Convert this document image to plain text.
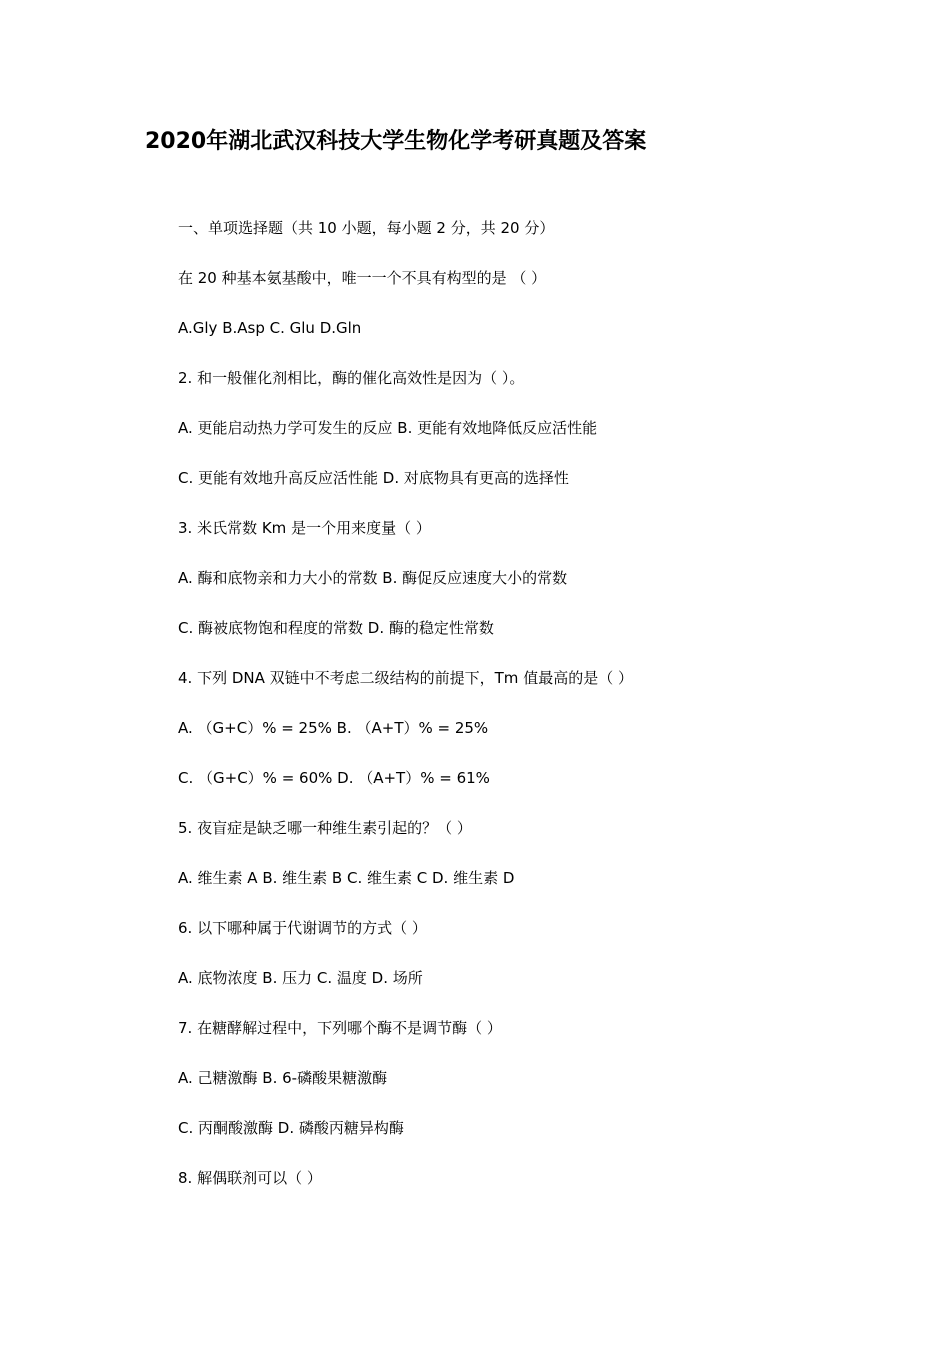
2020年湖北武汉科技大学生物化学考研真题及答案

一、单项选择题（共 10 小题，每小题 2 分，共 20 分）

在 20 种基本氨基酸中，唯一一个不具有构型的是 （ ）

A.Gly B.Asp C. Glu D.Gln

2. 和一般催化剂相比，酶的催化高效性是因为（ ）。

A. 更能启动热力学可发生的反应 B. 更能有效地降低反应活性能

C. 更能有效地升高反应活性能 D. 对底物具有更高的选择性

3. 米氏常数 Km 是一个用来度量（ ）

A. 酶和底物亲和力大小的常数 B. 酶促反应速度大小的常数

C. 酶被底物饱和程度的常数 D. 酶的稳定性常数

4. 下列 DNA 双链中不考虑二级结构的前提下，Tm 值最高的是（ ）

A. （G+C）% = 25% B. （A+T）% = 25%

C. （G+C）% = 60% D. （A+T）% = 61%

5. 夜盲症是缺乏哪一种维生素引起的？（ ）

A. 维生素 A B. 维生素 B C. 维生素 C D. 维生素 D

6. 以下哪种属于代谢调节的方式（ ）

A. 底物浓度 B. 压力 C. 温度 D. 场所

7. 在糖酵解过程中，下列哪个酶不是调节酶（ ）

A. 己糖激酶 B. 6-磷酸果糖激酶

C. 丙酮酸激酶 D. 磷酸丙糖异构酶

8. 解偶联剂可以（ ）
